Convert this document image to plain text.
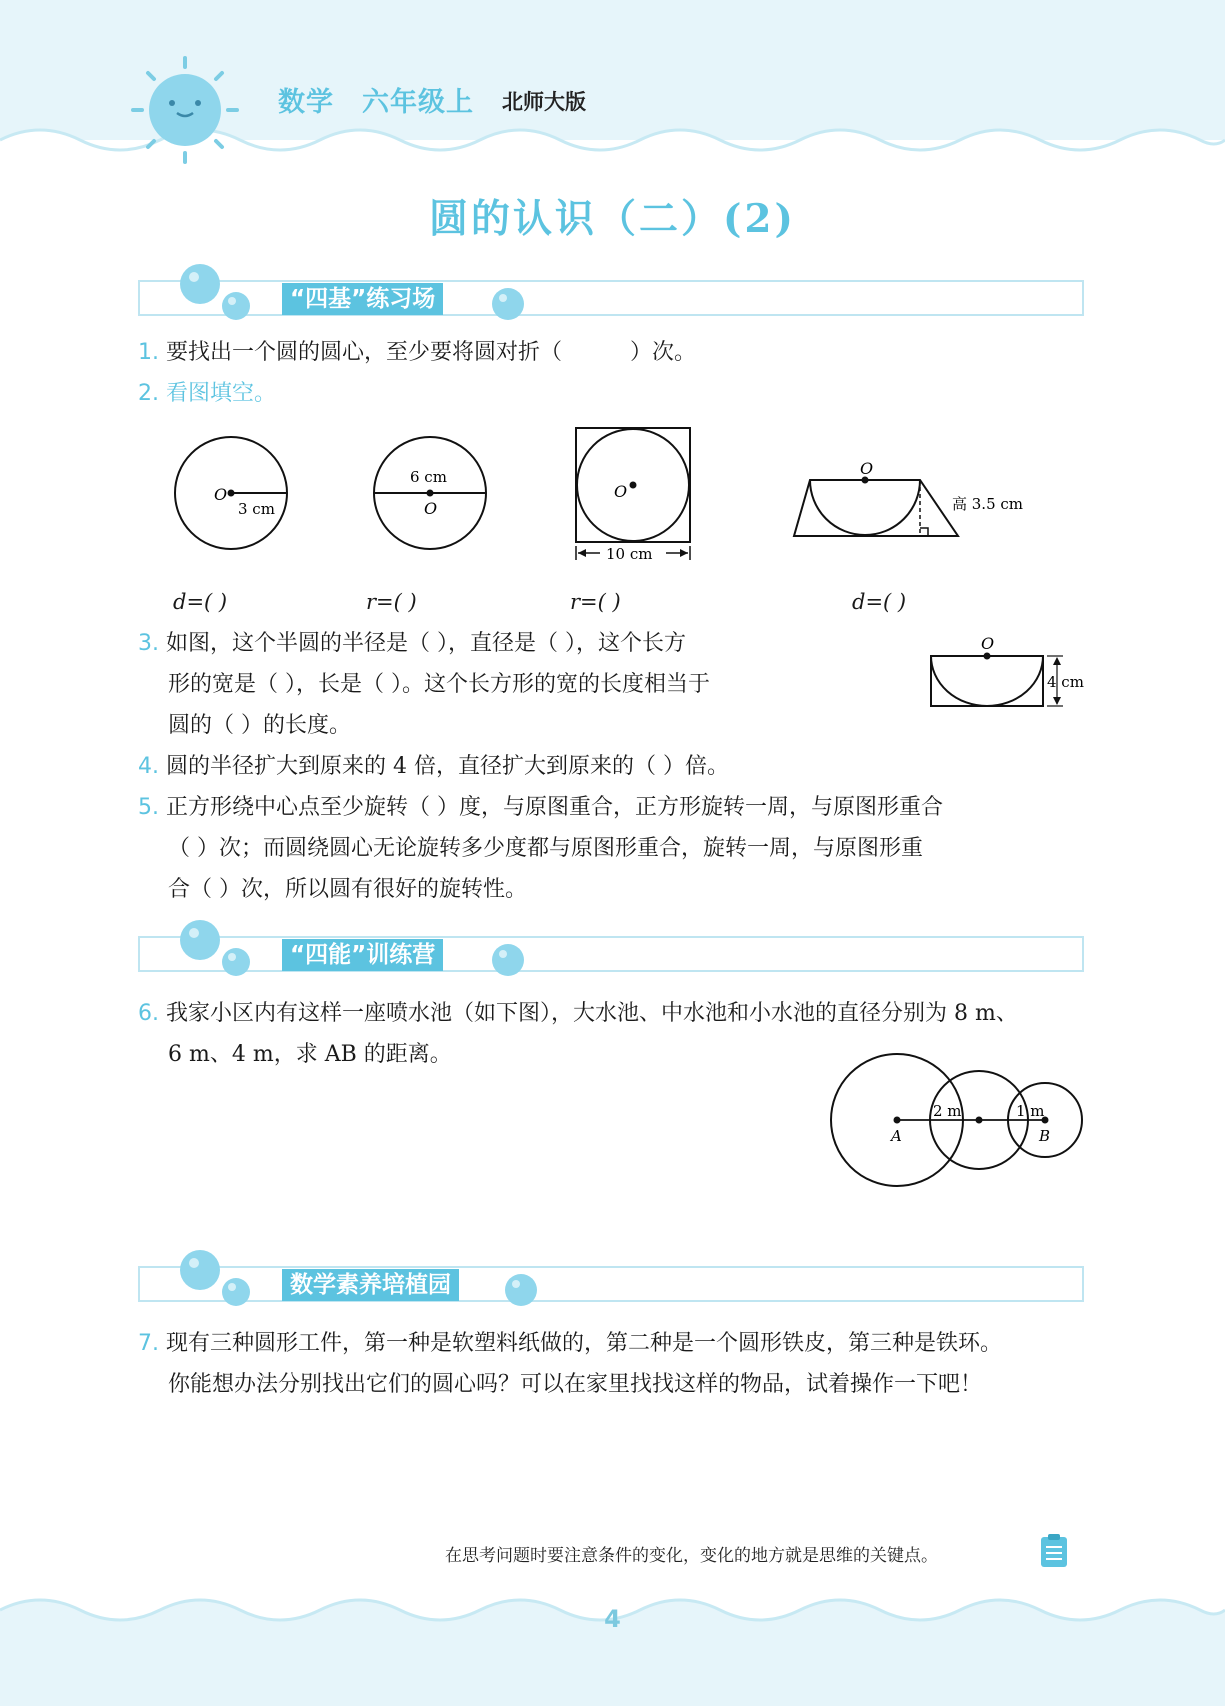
数学 六年级上 北师大版
圆的认识（二）(2)
“四基”练习场
1. 要找出一个圆的圆心，至少要将圆对折（	）次。
2. 看图填空。
O
3 cm
6 cm
O
O
10 cm
O
高 3.5 cm
d=( )	r=( )	r=( )	d=( )
3. 如图，这个半圆的半径是（ ），直径是（ ），这个长方
形的宽是（ ），长是（ ）。这个长方形的宽的长度相当于
圆的（ ）的长度。
O
4 cm
4. 圆的半径扩大到原来的 4 倍，直径扩大到原来的（ ）倍。
5. 正方形绕中心点至少旋转（ ）度，与原图重合，正方形旋转一周，与原图形重合
（ ）次；而圆绕圆心无论旋转多少度都与原图形重合，旋转一周，与原图形重
合（ ）次，所以圆有很好的旋转性。
“四能”训练营
6. 我家小区内有这样一座喷水池（如下图），大水池、中水池和小水池的直径分别为 8 m、
6 m、4 m，求 AB 的距离。
A	B
2 m	1 m
数学素养培植园
7. 现有三种圆形工件，第一种是软塑料纸做的，第二种是一个圆形铁皮，第三种是铁环。
你能想办法分别找出它们的圆心吗？可以在家里找找这样的物品，试着操作一下吧！
在思考问题时要注意条件的变化，变化的地方就是思维的关键点。
4
